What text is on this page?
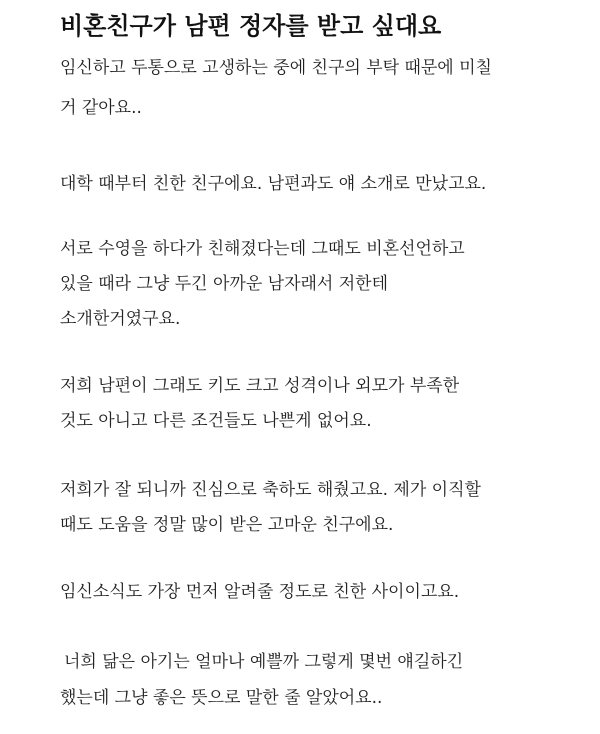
비혼친구가 남편 정자를 받고 싶대요
임신하고 두통으로 고생하는 중에 친구의 부탁 때문에 미칠
거 같아요..
대학 때부터 친한 친구에요. 남편과도 얘 소개로 만났고요.
서로 수영을 하다가 친해졌다는데 그때도 비혼선언하고
있을 때라 그냥 두긴 아까운 남자래서 저한테
소개한거였구요.
저희 남편이 그래도 키도 크고 성격이나 외모가 부족한
것도 아니고 다른 조건들도 나쁜게 없어요.
저희가 잘 되니까 진심으로 축하도 해줬고요. 제가 이직할
때도 도움을 정말 많이 받은 고마운 친구에요.
임신소식도 가장 먼저 알려줄 정도로 친한 사이이고요.
너희 닮은 아기는 얼마나 예쁠까 그렇게 몇번 얘길하긴
했는데 그냥 좋은 뜻으로 말한 줄 알았어요..
